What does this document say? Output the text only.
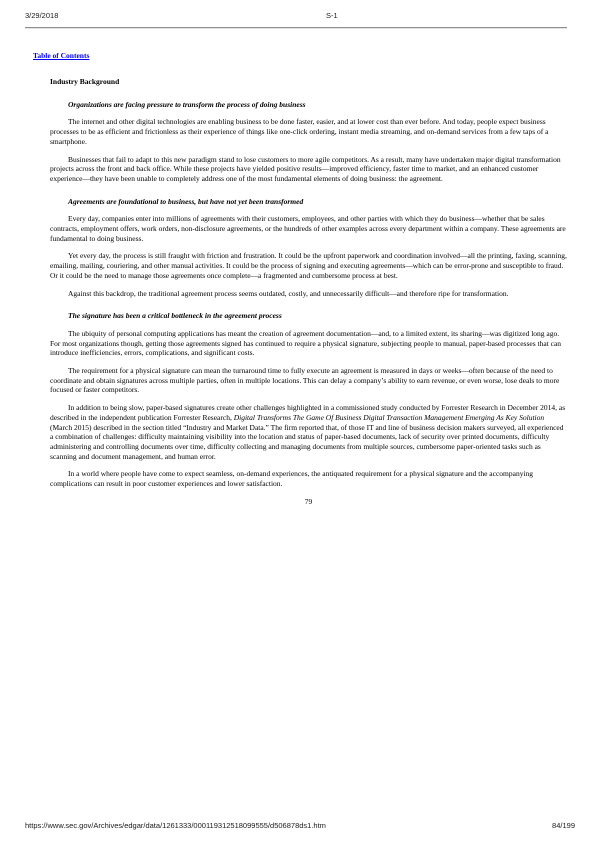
3/29/2018	S-1
Table of Contents
Industry Background
Organizations are facing pressure to transform the process of doing business
The internet and other digital technologies are enabling business to be done faster, easier, and at lower cost than ever before. And today, people expect business processes to be as efficient and frictionless as their experience of things like one-click ordering, instant media streaming, and on-demand services from a few taps of a smartphone.
Businesses that fail to adapt to this new paradigm stand to lose customers to more agile competitors. As a result, many have undertaken major digital transformation projects across the front and back office. While these projects have yielded positive results—improved efficiency, faster time to market, and an enhanced customer experience—they have been unable to completely address one of the most fundamental elements of doing business: the agreement.
Agreements are foundational to business, but have not yet been transformed
Every day, companies enter into millions of agreements with their customers, employees, and other parties with which they do business—whether that be sales contracts, employment offers, work orders, non-disclosure agreements, or the hundreds of other examples across every department within a company. These agreements are fundamental to doing business.
Yet every day, the process is still fraught with friction and frustration. It could be the upfront paperwork and coordination involved—all the printing, faxing, scanning, emailing, mailing, couriering, and other manual activities. It could be the process of signing and executing agreements—which can be error-prone and susceptible to fraud. Or it could be the need to manage those agreements once complete—a fragmented and cumbersome process at best.
Against this backdrop, the traditional agreement process seems outdated, costly, and unnecessarily difficult—and therefore ripe for transformation.
The signature has been a critical bottleneck in the agreement process
The ubiquity of personal computing applications has meant the creation of agreement documentation—and, to a limited extent, its sharing—was digitized long ago. For most organizations though, getting those agreements signed has continued to require a physical signature, subjecting people to manual, paper-based processes that can introduce inefficiencies, errors, complications, and significant costs.
The requirement for a physical signature can mean the turnaround time to fully execute an agreement is measured in days or weeks—often because of the need to coordinate and obtain signatures across multiple parties, often in multiple locations. This can delay a company’s ability to earn revenue, or even worse, lose deals to more focused or faster competitors.
In addition to being slow, paper-based signatures create other challenges highlighted in a commissioned study conducted by Forrester Research in December 2014, as described in the independent publication Forrester Research, Digital Transforms The Game Of Business Digital Transaction Management Emerging As Key Solution (March 2015) described in the section titled “Industry and Market Data.” The firm reported that, of those IT and line of business decision makers surveyed, all experienced a combination of challenges: difficulty maintaining visibility into the location and status of paper-based documents, lack of security over printed documents, difficulty administering and controlling documents over time, difficulty collecting and managing documents from multiple sources, cumbersome paper-oriented tasks such as scanning and document management, and human error.
In a world where people have come to expect seamless, on-demand experiences, the antiquated requirement for a physical signature and the accompanying complications can result in poor customer experiences and lower satisfaction.
79
https://www.sec.gov/Archives/edgar/data/1261333/000119312518099555/d506878ds1.htm	84/199
